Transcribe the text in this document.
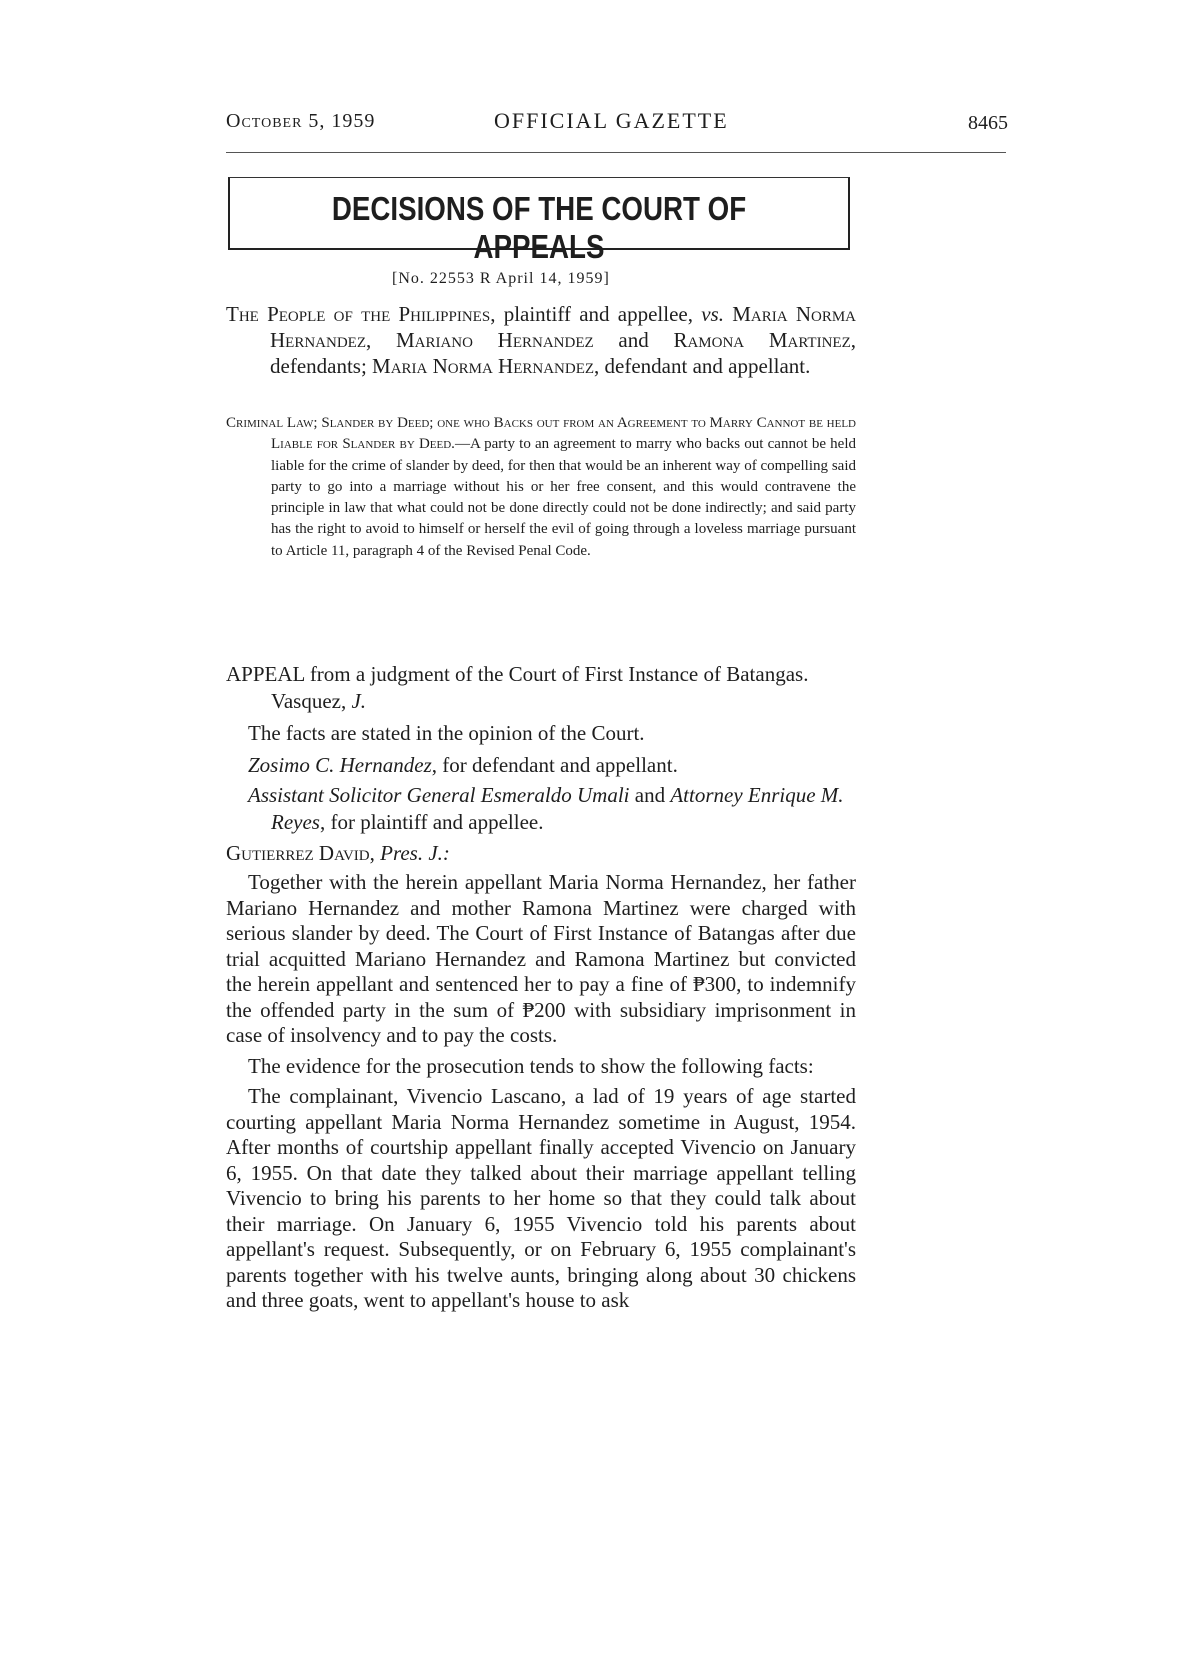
October 5, 1959	OFFICIAL GAZETTE	8465
DECISIONS OF THE COURT OF APPEALS
[No. 22553 R April 14, 1959]

The People of the Philippines, plaintiff and appellee, vs. Maria Norma Hernandez, Mariano Hernandez and Ramona Martinez, defendants; Maria Norma Hernandez, defendant and appellant.

Criminal Law; Slander by Deed; one who Backs out from an Agreement to Marry Cannot be held Liable for Slander by Deed.—A party to an agreement to marry who backs out cannot be held liable for the crime of slander by deed, for then that would be an inherent way of compelling said party to go into a marriage without his or her free consent, and this would contravene the principle in law that what could not be done directly could not be done indirectly; and said party has the right to avoid to himself or herself the evil of going through a loveless marriage pursuant to Article 11, paragraph 4 of the Revised Penal Code.

APPEAL from a judgment of the Court of First Instance of Batangas. Vasquez, J.

The facts are stated in the opinion of the Court.
Zosimo C. Hernandez, for defendant and appellant.

Assistant Solicitor General Esmeraldo Umali and Attorney Enrique M. Reyes, for plaintiff and appellee.

Gutierrez David, Pres. J.:

Together with the herein appellant Maria Norma Hernandez, her father Mariano Hernandez and mother Ramona Martinez were charged with serious slander by deed. The Court of First Instance of Batangas after due trial acquitted Mariano Hernandez and Ramona Martinez but convicted the herein appellant and sentenced her to pay a fine of ₱300, to indemnify the offended party in the sum of ₱200 with subsidiary imprisonment in case of insolvency and to pay the costs.

The evidence for the prosecution tends to show the following facts:

The complainant, Vivencio Lascano, a lad of 19 years of age started courting appellant Maria Norma Hernandez sometime in August, 1954. After months of courtship appellant finally accepted Vivencio on January 6, 1955. On that date they talked about their marriage appellant telling Vivencio to bring his parents to her home so that they could talk about their marriage. On January 6, 1955 Vivencio told his parents about appellant's request. Subsequently, or on February 6, 1955 complainant's parents together with his twelve aunts, bringing along about 30 chickens and three goats, went to appellant's house to ask
